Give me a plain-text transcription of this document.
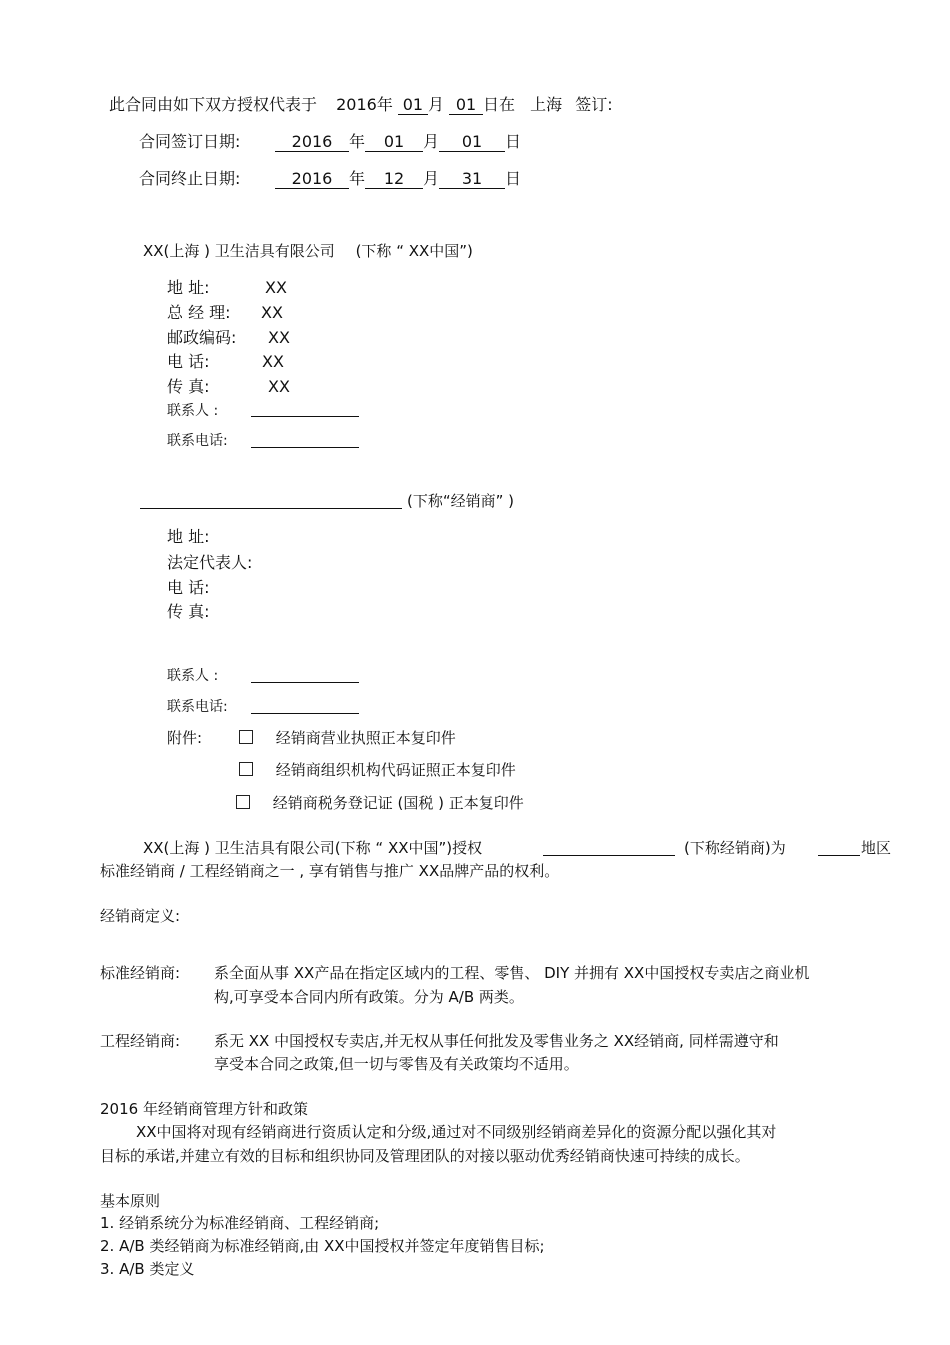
此合同由如下双方授权代表于 2016年 01 月 01 日在 上海 签订:
合同签订日期:	2016 年 01 月 01 日
合同终止日期:	2016 年 12 月 31 日
XX(上海 ) 卫生洁具有限公司 (下称 “ XX中国”)
地 址:	XX
总 经 理: XX
邮政编码: XX
电 话:	XX
传 真:	XX
联系人 :
联系电话:
(下称“经销商” )
地 址:
法定代表人:
电 话:
传 真:
联系人 :
联系电话:
附件:	经销商营业执照正本复印件
经销商组织机构代码证照正本复印件
经销商税务登记证 (国税 ) 正本复印件
XX(上海 ) 卫生洁具有限公司(下称 “ XX中国”)授权	(下称经销商)为	地区
标准经销商 / 工程经销商之一 , 享有销售与推广 XX品牌产品的权利。
经销商定义:
标准经销商: 系全面从事 XX产品在指定区域内的工程、零售、 DIY 并拥有 XX中国授权专卖店之商业机
构,可享受本合同内所有政策。分为 A/B 两类。
工程经销商: 系无 XX 中国授权专卖店,并无权从事任何批发及零售业务之 XX经销商, 同样需遵守和
享受本合同之政策,但一切与零售及有关政策均不适用。
2016 年经销商管理方针和政策
XX中国将对现有经销商进行资质认定和分级,通过对不同级别经销商差异化的资源分配以强化其对
目标的承诺,并建立有效的目标和组织协同及管理团队的对接以驱动优秀经销商快速可持续的成长。
基本原则
1. 经销系统分为标准经销商、工程经销商;
2. A/B 类经销商为标准经销商,由 XX中国授权并签定年度销售目标;
3. A/B 类定义
